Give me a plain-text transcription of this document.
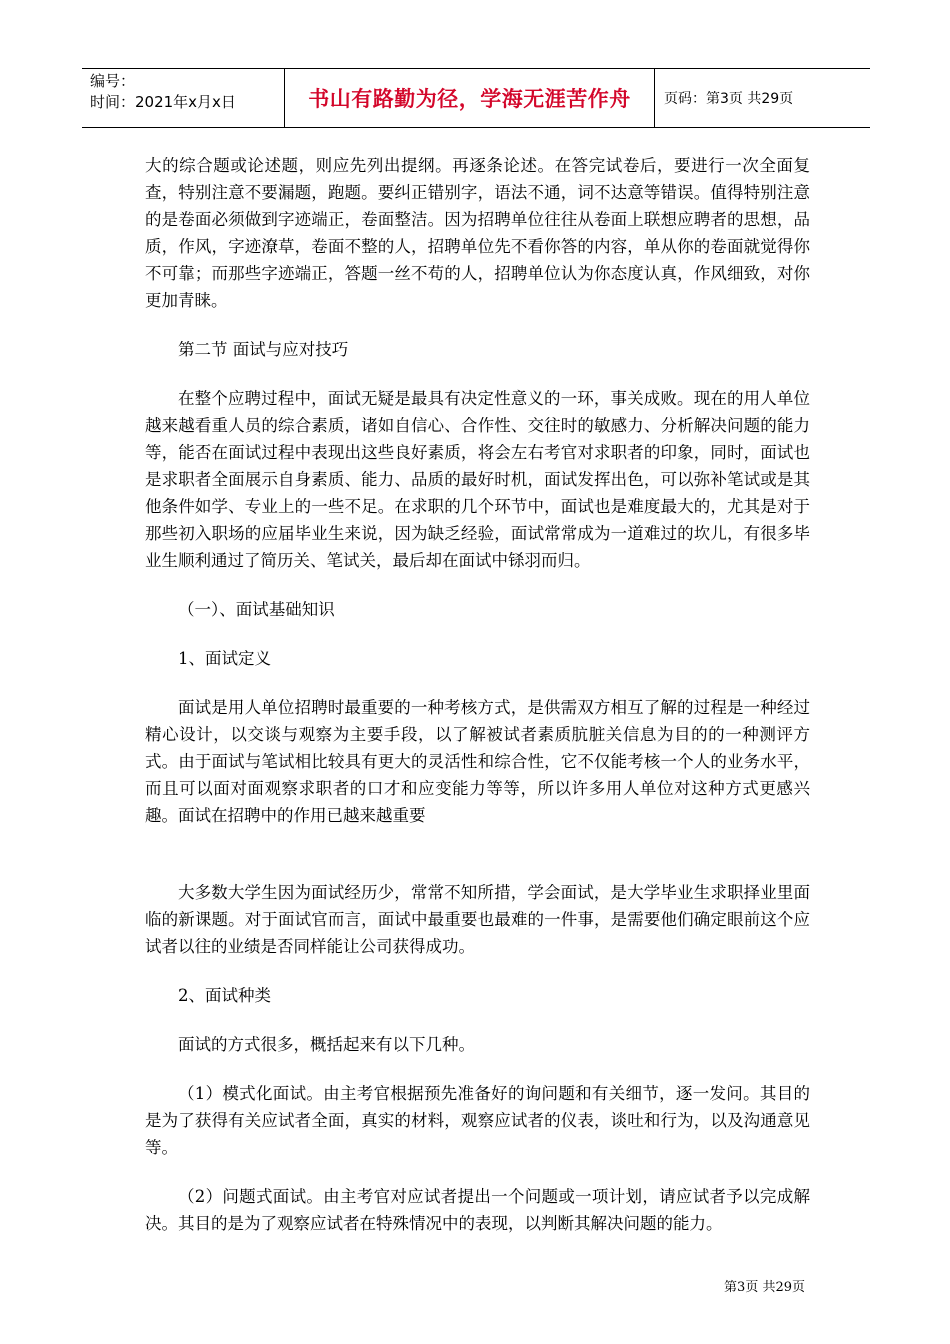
编号：
时间：2021年x月x日	书山有路勤为径，学海无涯苦作舟	页码：第3页 共29页

大的综合题或论述题，则应先列出提纲。再逐条论述。在答完试卷后，要进行一次全面复查，特别注意不要漏题，跑题。要纠正错别字，语法不通，词不达意等错误。值得特别注意的是卷面必须做到字迹端正，卷面整洁。因为招聘单位往往从卷面上联想应聘者的思想，品质，作风，字迹潦草，卷面不整的人，招聘单位先不看你答的内容，单从你的卷面就觉得你不可靠；而那些字迹端正，答题一丝不苟的人，招聘单位认为你态度认真，作风细致，对你更加青睐。

第二节 面试与应对技巧

在整个应聘过程中，面试无疑是最具有决定性意义的一环，事关成败。现在的用人单位越来越看重人员的综合素质，诸如自信心、合作性、交往时的敏感力、分析解决问题的能力等，能否在面试过程中表现出这些良好素质，将会左右考官对求职者的印象，同时，面试也是求职者全面展示自身素质、能力、品质的最好时机，面试发挥出色，可以弥补笔试或是其他条件如学、专业上的一些不足。在求职的几个环节中，面试也是难度最大的，尤其是对于那些初入职场的应届毕业生来说，因为缺乏经验，面试常常成为一道难过的坎儿，有很多毕业生顺利通过了简历关、笔试关，最后却在面试中铩羽而归。

（一）、面试基础知识

1、面试定义

面试是用人单位招聘时最重要的一种考核方式，是供需双方相互了解的过程是一种经过精心设计，以交谈与观察为主要手段，以了解被试者素质肮脏关信息为目的的一种测评方式。由于面试与笔试相比较具有更大的灵活性和综合性，它不仅能考核一个人的业务水平，而且可以面对面观察求职者的口才和应变能力等等，所以许多用人单位对这种方式更感兴趣。面试在招聘中的作用已越来越重要

大多数大学生因为面试经历少，常常不知所措，学会面试，是大学毕业生求职择业里面临的新课题。对于面试官而言，面试中最重要也最难的一件事，是需要他们确定眼前这个应试者以往的业绩是否同样能让公司获得成功。

2、面试种类

面试的方式很多，概括起来有以下几种。

（1）模式化面试。由主考官根据预先准备好的询问题和有关细节，逐一发问。其目的是为了获得有关应试者全面，真实的材料，观察应试者的仪表，谈吐和行为，以及沟通意见等。

（2）问题式面试。由主考官对应试者提出一个问题或一项计划，请应试者予以完成解决。其目的是为了观察应试者在特殊情况中的表现，以判断其解决问题的能力。

第3页 共29页
